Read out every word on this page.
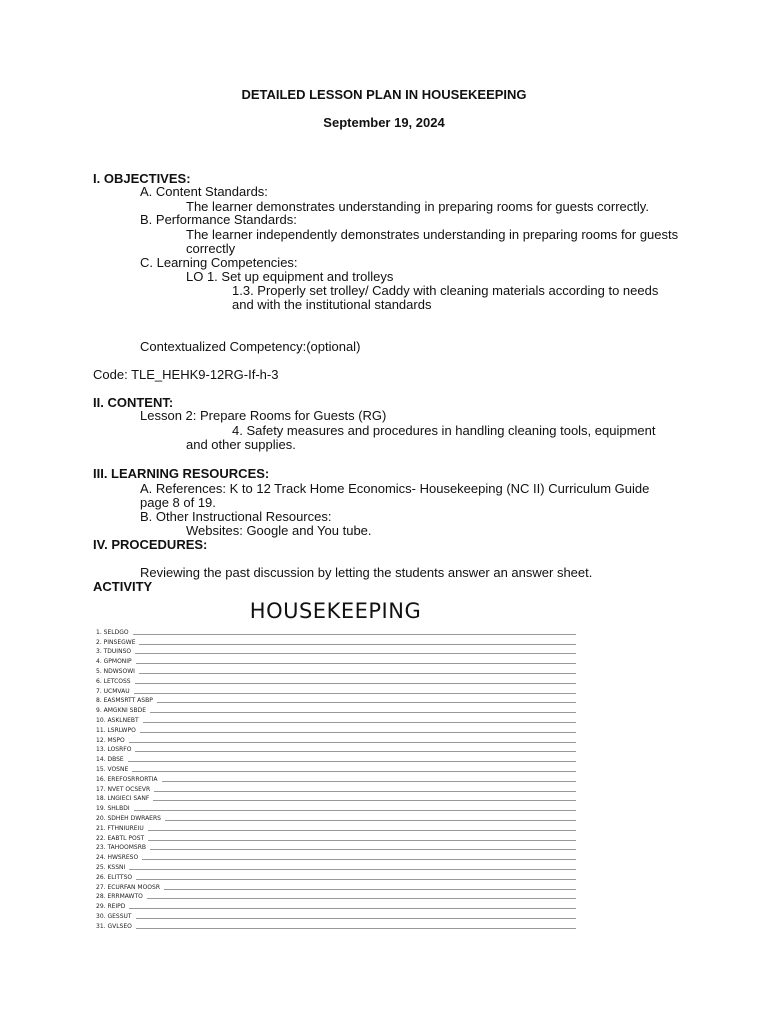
DETAILED LESSON PLAN IN HOUSEKEEPING
September 19, 2024
I. OBJECTIVES:
A. Content Standards:
The learner demonstrates understanding in preparing rooms for guests correctly.
B. Performance Standards:
The learner independently demonstrates understanding in preparing rooms for guests
correctly
C. Learning Competencies:
LO 1. Set up equipment and trolleys
1.3. Properly set trolley/ Caddy with cleaning materials according to needs
and with the institutional standards
Contextualized Competency:(optional)
Code: TLE_HEHK9-12RG-If-h-3
II. CONTENT:
Lesson 2: Prepare Rooms for Guests (RG)
4. Safety measures and procedures in handling cleaning tools, equipment
and other supplies.
III. LEARNING RESOURCES:
A. References: K to 12 Track Home Economics- Housekeeping (NC II) Curriculum Guide
page 8 of 19.
B. Other Instructional Resources:
Websites: Google and You tube.
IV. PROCEDURES:
Reviewing the past discussion by letting the students answer an answer sheet.
ACTIVITY
HOUSEKEEPING
1. SELDGO
2. PINSEGWE
3. TDUINSO
4. GPMONIP
5. NDWSOWI
6. LETCOSS
7. UCMVAU
8. EASMSRTT ASBP
9. AMGKNI SBDE
10. ASKLNEBT
11. LSRLWPO
12. MSPO
13. LOSRFO
14. DBSE
15. VOSNE
16. EREFOSRRORTIA
17. NVET OCSEVR
18. LNGIECI SANF
19. SHLBDI
20. SDHEH DWRAERS
21. FTHNIUREIU
22. EABTL POST
23. TAHOOMSRB
24. HWSRESO
25. KSSNI
26. ELITTSO
27. ECURFAN MOOSR
28. ERRMAWTO
29. REIPD
30. GESSUT
31. GVLSEO
